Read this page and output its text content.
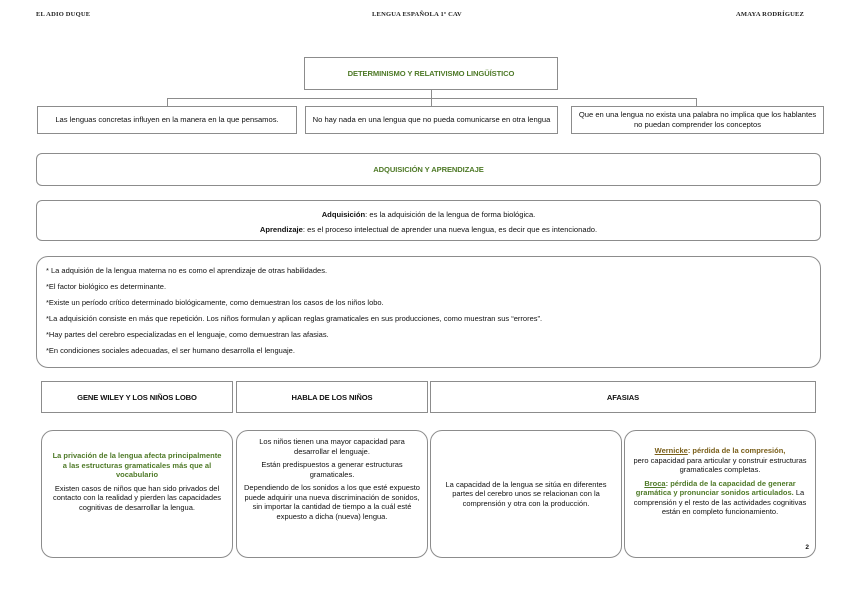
EL ADIO DUQUE	LENGUA ESPAÑOLA 1º CAV	AMAYA RODRÍGUEZ
DETERMINISMO Y RELATIVISMO LINGÜÍSTICO
Las lenguas concretas influyen en la manera en la que pensamos.	No hay nada en una lengua que no pueda comunicarse en otra lengua
Que en una lengua no exista una palabra no implica que los hablantes no puedan comprender los conceptos
ADQUISICIÓN Y APRENDIZAJE
Adquisición: es la adquisición de la lengua de forma biológica.
Aprendizaje: es el proceso intelectual de aprender una nueva lengua, es decir que es intencionado.

* La adquisión de la lengua materna no es como el aprendizaje de otras habilidades.

*El factor biológico es determinante.

*Existe un período crítico determinado biológicamente, como demuestran los casos de los niños lobo.

*La adquisición consiste en más que repetición. Los niños formulan y aplican reglas gramaticales en sus producciones, como muestran sus “errores”.

*Hay partes del cerebro especializadas en el lenguaje, como demuestran las afasias.

*En condiciones sociales adecuadas, el ser humano desarrolla el lenguaje.

GENE WILEY Y LOS NIÑOS LOBO	HABLA DE LOS NIÑOS	AFASIAS

La privación de la lengua afecta principalmente a las estructuras gramaticales más que al vocabulario

Existen casos de niños que han sido privados del contacto con la realidad y pierden las capacidades cognitivas de desarrollar la lengua.

Los niños tienen una mayor capacidad para desarrollar el lenguaje.

Están predispuestos a generar estructuras gramaticales.

Dependiendo de los sonidos a los que esté expuesto puede adquirir una nueva discriminación de sonidos, sin importar la cantidad de tiempo a la cuál esté expuesto a dicha (nueva) lengua.

La capacidad de la lengua se sitúa en diferentes partes del cerebro unos se relacionan con la comprensión y otra con la producción.

Wernicke: pérdida de la compresión,

pero capacidad para articular y construir estructuras gramaticales completas.

Broca: pérdida de la capacidad de generar gramática y pronunciar sonidos articulados. La comprensión y el resto de las actividades cognitivas están en completo funcionamiento.

2
